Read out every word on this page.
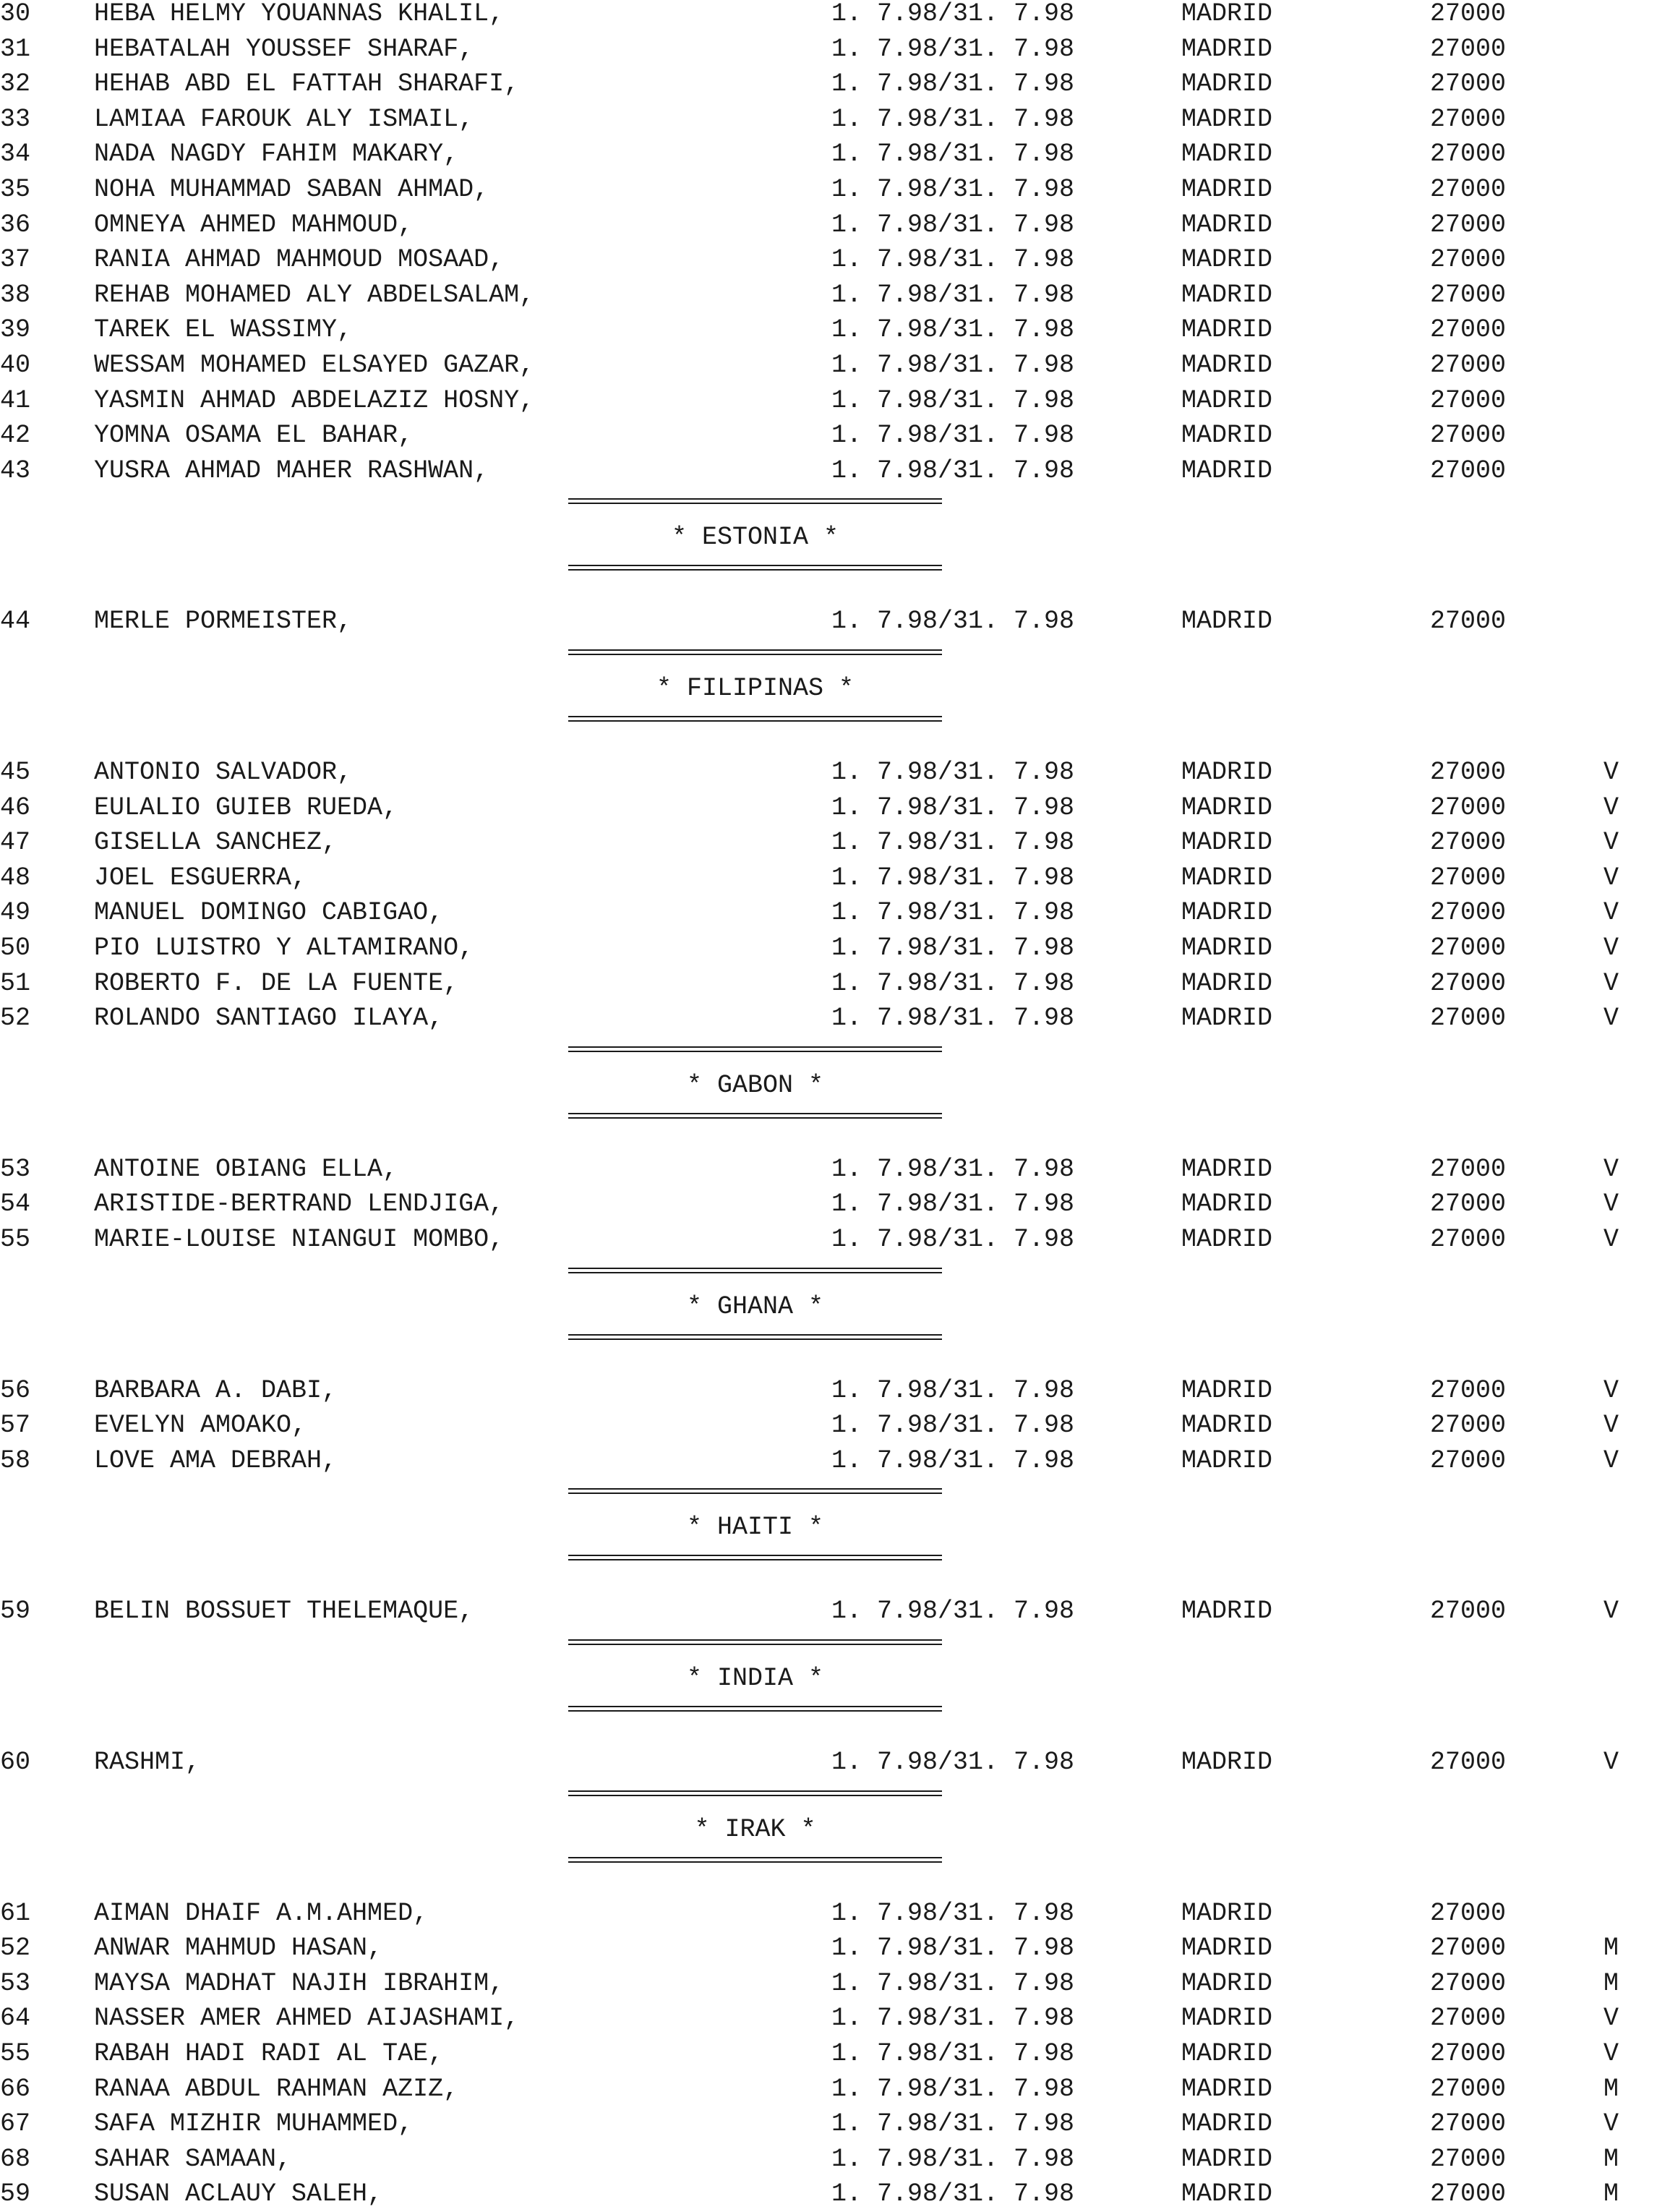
30	HEBA HELMY YOUANNAS KHALIL,	1. 7.98/31. 7.98	MADRID	27000
31	HEBATALAH YOUSSEF SHARAF,	1. 7.98/31. 7.98	MADRID	27000
32	HEHAB ABD EL FATTAH SHARAFI,	1. 7.98/31. 7.98	MADRID	27000
33	LAMIAA FAROUK ALY ISMAIL,	1. 7.98/31. 7.98	MADRID	27000
34	NADA NAGDY FAHIM MAKARY,	1. 7.98/31. 7.98	MADRID	27000
35	NOHA MUHAMMAD SABAN AHMAD,	1. 7.98/31. 7.98	MADRID	27000
36	OMNEYA AHMED MAHMOUD,	1. 7.98/31. 7.98	MADRID	27000
37	RANIA AHMAD MAHMOUD MOSAAD,	1. 7.98/31. 7.98	MADRID	27000
38	REHAB MOHAMED ALY ABDELSALAM,	1. 7.98/31. 7.98	MADRID	27000
39	TAREK EL WASSIMY,	1. 7.98/31. 7.98	MADRID	27000
40	WESSAM MOHAMED ELSAYED GAZAR,	1. 7.98/31. 7.98	MADRID	27000
41	YASMIN AHMAD ABDELAZIZ HOSNY,	1. 7.98/31. 7.98	MADRID	27000
42	YOMNA OSAMA EL BAHAR,	1. 7.98/31. 7.98	MADRID	27000
43	YUSRA AHMAD MAHER RASHWAN,	1. 7.98/31. 7.98	MADRID	27000
* ESTONIA *
44	MERLE PORMEISTER,	1. 7.98/31. 7.98	MADRID	27000
* FILIPINAS *
45	ANTONIO SALVADOR,	1. 7.98/31. 7.98	MADRID	27000	V
46	EULALIO GUIEB RUEDA,	1. 7.98/31. 7.98	MADRID	27000	V
47	GISELLA SANCHEZ,	1. 7.98/31. 7.98	MADRID	27000	V
48	JOEL ESGUERRA,	1. 7.98/31. 7.98	MADRID	27000	V
49	MANUEL DOMINGO CABIGAO,	1. 7.98/31. 7.98	MADRID	27000	V
50	PIO LUISTRO Y ALTAMIRANO,	1. 7.98/31. 7.98	MADRID	27000	V
51	ROBERTO F. DE LA FUENTE,	1. 7.98/31. 7.98	MADRID	27000	V
52	ROLANDO SANTIAGO ILAYA,	1. 7.98/31. 7.98	MADRID	27000	V
* GABON *
53	ANTOINE OBIANG ELLA,	1. 7.98/31. 7.98	MADRID	27000	V
54	ARISTIDE-BERTRAND LENDJIGA,	1. 7.98/31. 7.98	MADRID	27000	V
55	MARIE-LOUISE NIANGUI MOMBO,	1. 7.98/31. 7.98	MADRID	27000	V
* GHANA *
56	BARBARA A. DABI,	1. 7.98/31. 7.98	MADRID	27000	V
57	EVELYN AMOAKO,	1. 7.98/31. 7.98	MADRID	27000	V
58	LOVE AMA DEBRAH,	1. 7.98/31. 7.98	MADRID	27000	V
* HAITI *
59	BELIN BOSSUET THELEMAQUE,	1. 7.98/31. 7.98	MADRID	27000	V
* INDIA *
60	RASHMI,	1. 7.98/31. 7.98	MADRID	27000	V
* IRAK *
61	AIMAN DHAIF A.M.AHMED,	1. 7.98/31. 7.98	MADRID	27000
52	ANWAR MAHMUD HASAN,	1. 7.98/31. 7.98	MADRID	27000	M
53	MAYSA MADHAT NAJIH IBRAHIM,	1. 7.98/31. 7.98	MADRID	27000	M
64	NASSER AMER AHMED AIJASHAMI,	1. 7.98/31. 7.98	MADRID	27000	V
55	RABAH HADI RADI AL TAE,	1. 7.98/31. 7.98	MADRID	27000	V
66	RANAA ABDUL RAHMAN AZIZ,	1. 7.98/31. 7.98	MADRID	27000	M
67	SAFA MIZHIR MUHAMMED,	1. 7.98/31. 7.98	MADRID	27000	V
68	SAHAR SAMAAN,	1. 7.98/31. 7.98	MADRID	27000	M
59	SUSAN ACLAUY SALEH,	1. 7.98/31. 7.98	MADRID	27000	M
